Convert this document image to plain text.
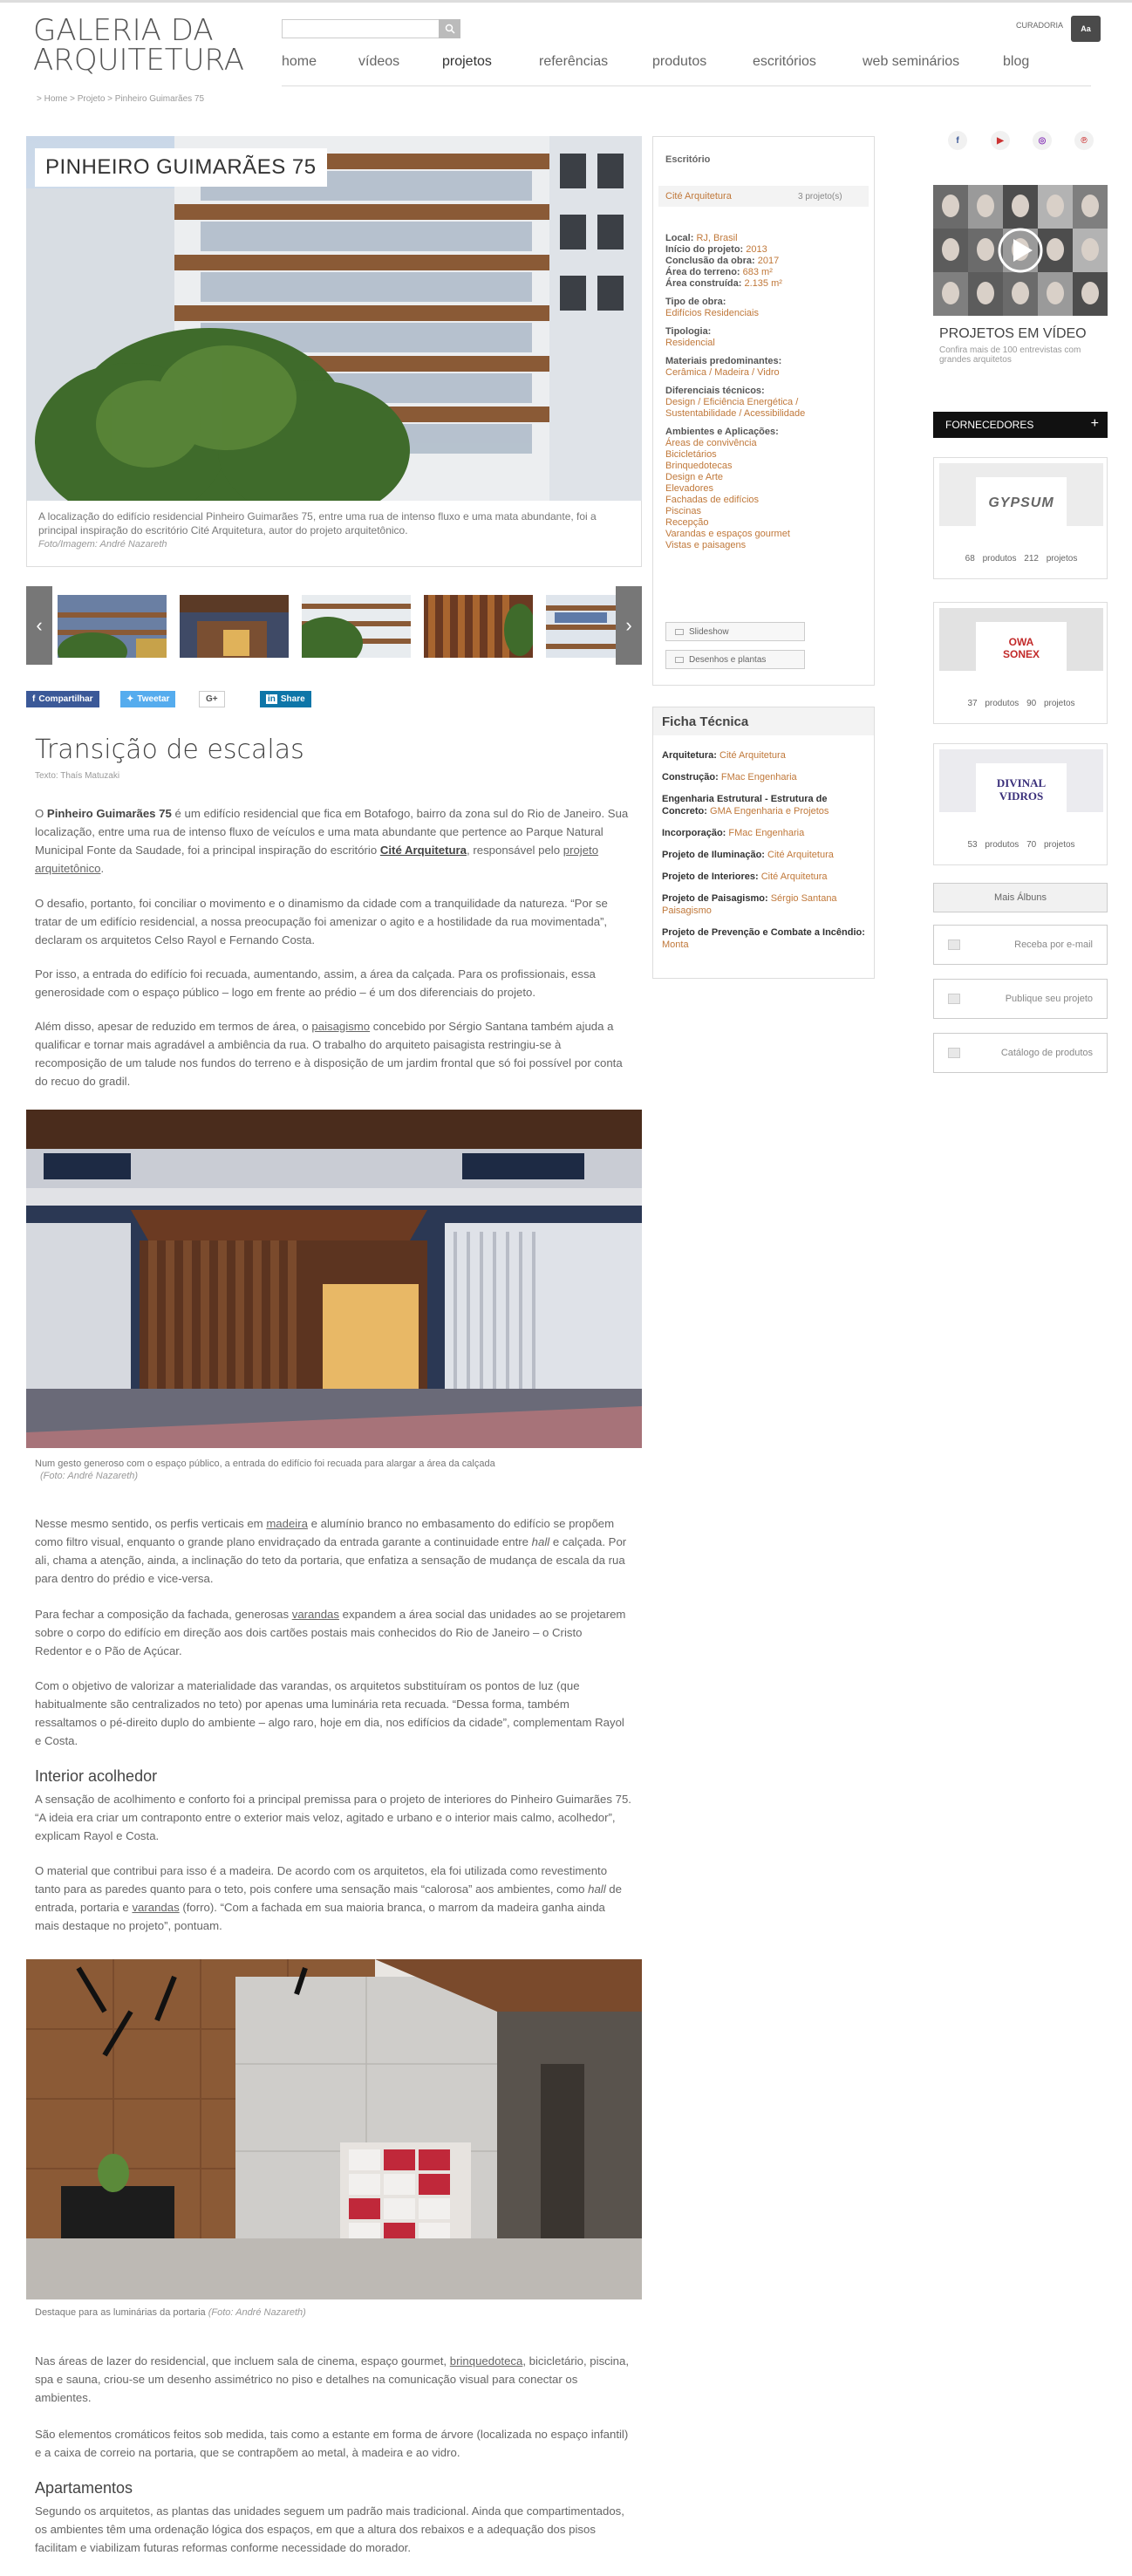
GALERIA DA
ARQUITETURA
CURADORIA	Aa
home	vídeos	projetos	referências	produtos	escritórios	web seminários	blog
> Home > Projeto > Pinheiro Guimarães 75
PINHEIRO GUIMARÃES 75
A localização do edifício residencial Pinheiro Guimarães 75, entre uma rua de intenso fluxo e uma mata abundante, foi a principal inspiração do escritório Cité Arquitetura, autor do projeto arquitetônico.
Foto/Imagem: André Nazareth
‹	›
f Compartilhar	✦ Tweetar	G+	in Share
Transição de escalas
Texto: Thaís Matuzaki
O Pinheiro Guimarães 75 é um edifício residencial que fica em Botafogo, bairro da zona sul do Rio de Janeiro. Sua localização, entre uma rua de intenso fluxo de veículos e uma mata abundante que pertence ao Parque Natural Municipal Fonte da Saudade, foi a principal inspiração do escritório Cité Arquitetura, responsável pelo projeto arquitetônico.
O desafio, portanto, foi conciliar o movimento e o dinamismo da cidade com a tranquilidade da natureza. “Por se tratar de um edifício residencial, a nossa preocupação foi amenizar o agito e a hostilidade da rua movimentada”, declaram os arquitetos Celso Rayol e Fernando Costa.
Por isso, a entrada do edifício foi recuada, aumentando, assim, a área da calçada. Para os profissionais, essa generosidade com o espaço público – logo em frente ao prédio – é um dos diferenciais do projeto.
Além disso, apesar de reduzido em termos de área, o paisagismo concebido por Sérgio Santana também ajuda a qualificar e tornar mais agradável a ambiência da rua. O trabalho do arquiteto paisagista restringiu-se à recomposição de um talude nos fundos do terreno e à disposição de um jardim frontal que só foi possível por conta do recuo do gradil.
Num gesto generoso com o espaço público, a entrada do edifício foi recuada para alargar a área da calçada
(Foto: André Nazareth)
Nesse mesmo sentido, os perfis verticais em madeira e alumínio branco no embasamento do edifício se propõem como filtro visual, enquanto o grande plano envidraçado da entrada garante a continuidade entre hall e calçada. Por ali, chama a atenção, ainda, a inclinação do teto da portaria, que enfatiza a sensação de mudança de escala da rua para dentro do prédio e vice-versa.
Para fechar a composição da fachada, generosas varandas expandem a área social das unidades ao se projetarem sobre o corpo do edifício em direção aos dois cartões postais mais conhecidos do Rio de Janeiro – o Cristo Redentor e o Pão de Açúcar.
Com o objetivo de valorizar a materialidade das varandas, os arquitetos substituíram os pontos de luz (que habitualmente são centralizados no teto) por apenas uma luminária reta recuada. “Dessa forma, também ressaltamos o pé-direito duplo do ambiente – algo raro, hoje em dia, nos edifícios da cidade”, complementam Rayol e Costa.
Interior acolhedor
A sensação de acolhimento e conforto foi a principal premissa para o projeto de interiores do Pinheiro Guimarães 75. “A ideia era criar um contraponto entre o exterior mais veloz, agitado e urbano e o interior mais calmo, acolhedor”, explicam Rayol e Costa.
O material que contribui para isso é a madeira. De acordo com os arquitetos, ela foi utilizada como revestimento tanto para as paredes quanto para o teto, pois confere uma sensação mais “calorosa” aos ambientes, como hall de entrada, portaria e varandas (forro). “Com a fachada em sua maioria branca, o marrom da madeira ganha ainda mais destaque no projeto”, pontuam.
Destaque para as luminárias da portaria (Foto: André Nazareth)
Nas áreas de lazer do residencial, que incluem sala de cinema, espaço gourmet, brinquedoteca, bicicletário, piscina, spa e sauna, criou-se um desenho assimétrico no piso e detalhes na comunicação visual para conectar os ambientes.
São elementos cromáticos feitos sob medida, tais como a estante em forma de árvore (localizada no espaço infantil) e a caixa de correio na portaria, que se contrapõem ao metal, à madeira e ao vidro.
Apartamentos
Segundo os arquitetos, as plantas das unidades seguem um padrão mais tradicional. Ainda que compartimentados, os ambientes têm uma ordenação lógica dos espaços, em que a altura dos rebaixos e a adequação dos pisos facilitam e viabilizam futuras reformas conforme necessidade do morador.
Escritório
Cité Arquitetura	3 projeto(s)
Local: RJ, Brasil
Início do projeto: 2013
Conclusão da obra: 2017
Área do terreno: 683 m²
Área construída: 2.135 m²
Tipo de obra:
Edifícios Residenciais
Tipologia:
Residencial
Materiais predominantes:
Cerâmica / Madeira / Vidro
Diferenciais técnicos:
Design / Eficiência Energética / Sustentabilidade / Acessibilidade
Ambientes e Aplicações:
Áreas de convivência
Bicicletários
Brinquedotecas
Design e Arte
Elevadores
Fachadas de edifícios
Piscinas
Recepção
Varandas e espaços gourmet
Vistas e paisagens
Slideshow
Desenhos e plantas
Ficha Técnica
Arquitetura: Cité Arquitetura
Construção: FMac Engenharia
Engenharia Estrutural - Estrutura de Concreto: GMA Engenharia e Projetos
Incorporação: FMac Engenharia
Projeto de Iluminação: Cité Arquitetura
Projeto de Interiores: Cité Arquitetura
Projeto de Paisagismo: Sérgio Santana Paisagismo
Projeto de Prevenção e Combate a Incêndio: Monta
f	▶	◎	℗
PROJETOS EM VÍDEO
Confira mais de 100 entrevistas com grandes arquitetos
FORNECEDORES	+
GYPSUM
68 produtos 212 projetos
OWA SONEX
37 produtos 90 projetos
DIVINAL VIDROS
53 produtos 70 projetos
Mais Álbuns
Receba por e-mail
Publique seu projeto
Catálogo de produtos
